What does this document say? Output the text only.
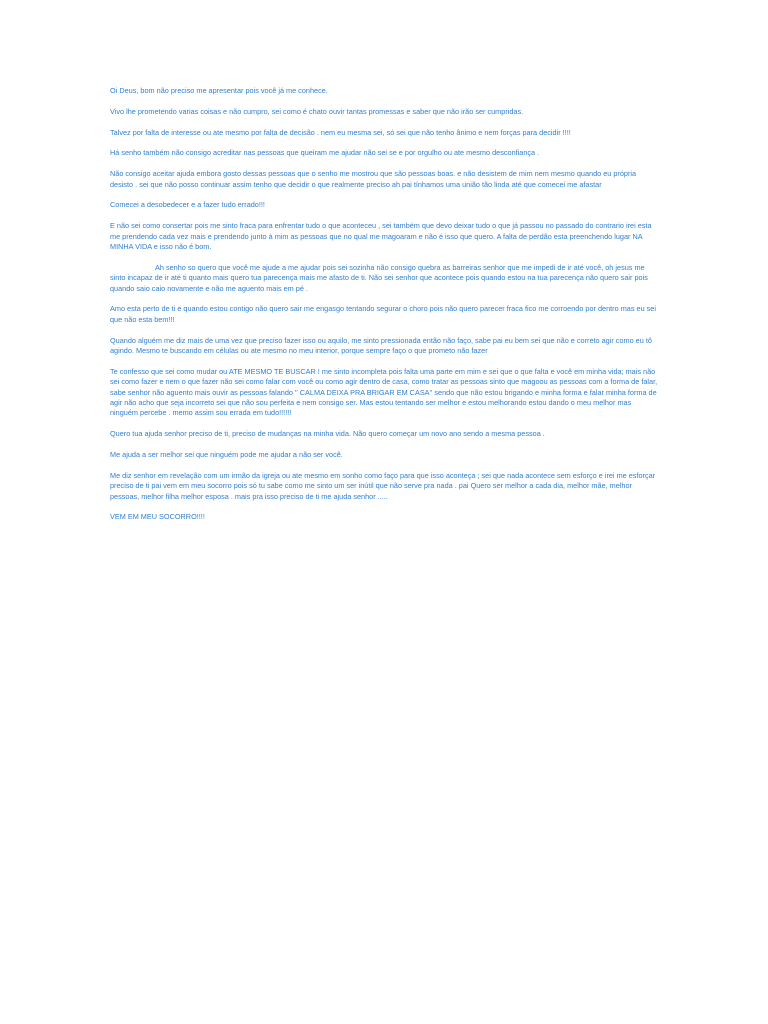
Oi Deus, bom não preciso me apresentar pois você já me conhece.

Vivo lhe prometendo varias coisas e não cumpro, sei como é chato ouvir tantas promessas e saber que não irão ser cumpridas.

Talvez por falta de interesse ou ate mesmo por falta de decisão . nem eu mesma sei, só sei que não tenho ânimo e nem forças para decidir !!!!

Há senho também não consigo acreditar nas pessoas que queiram me ajudar não sei se e por orgulho ou ate mesmo desconfiança .

Não consigo aceitar ajuda embora gosto dessas pessoas que o senho me mostrou que são pessoas boas. e não desistem de mim nem mesmo quando eu própria desisto . sei que não posso continuar assim tenho que decidir o que realmente preciso ah pai tínhamos uma união tão linda até que comecei me afastar

Comecei a desobedecer e a fazer tudo errado!!!

E não sei como consertar pois me sinto fraca para enfrentar tudo o que aconteceu , sei também que devo deixar tudo o que já passou no passado do contrario irei esta me prendendo cada vez mais e prendendo junto à mim as pessoas que no qual me magoaram e não é isso que quero. A falta de perdão esta preenchendo lugar NA MINHA VIDA e isso não é bom.

Ah senho so quero que você me ajude a me ajudar pois sei sozinha não consigo quebra as barreiras senhor que me impedi de ir até você, oh jesus me sinto incapaz de ir até ti quanto mais quero tua parecença mais me afasto de ti. Não sei senhor que acontece pois quando estou na tua parecença não quero sair pois quando saio caio novamente e não me aguento mais em pé .

Amo esta perto de ti e quando estou contigo não quero sair me engasgo tentando segurar o choro pois não quero parecer fraca fico me corroendo por dentro mas eu sei que não esta bem!!!

Quando alguém me diz mais de uma vez que preciso fazer isso ou aquilo, me sinto pressionada então não faço, sabe pai eu bem sei que não e correto agir como eu tô agindo. Mesmo te buscando em células ou ate mesmo no meu interior, porque sempre faço o que prometo não fazer

Te confesso que sei como mudar ou ATE MESMO TE BUSCAR ! me sinto incompleta pois falta uma parte em mim e sei que o que falta e você em minha vida; mais não sei como fazer e nem o que fazer não sei como falar com você ou como agir dentro de casa, como tratar as pessoas sinto que magoou as pessoas com a forma de falar, sabe senhor não aguento mais ouvir as pessoas falando '' CALMA DEIXA PRA BRIGAR EM CASA'' sendo que não estou brigando e minha forma e falar minha forma de agir não acho que seja incorreto sei que não sou perfeita e nem consigo ser. Mas estou tentando ser melhor e estou melhorando estou dando o meu melhor mas ninguém percebe . memo assim sou errada em tudo!!!!!!

Quero tua ajuda senhor preciso de ti, preciso de mudanças na minha vida. Não quero começar um novo ano sendo a mesma pessoa .

Me ajuda a ser melhor sei que ninguém pode me ajudar a não ser você.

Me diz senhor em revelação com um irmão da igreja ou ate mesmo em sonho como faço para que isso aconteça ; sei que nada acontece sem esforço e irei me esforçar preciso de ti pai vem em meu socorro pois só tu sabe como me sinto um ser inútil que não serve pra nada . pai Quero ser melhor a cada dia, melhor mãe, melhor pessoas, melhor filha melhor esposa . mais pra isso preciso de ti me ajuda senhor .....

VEM EM MEU SOCORRO!!!!
